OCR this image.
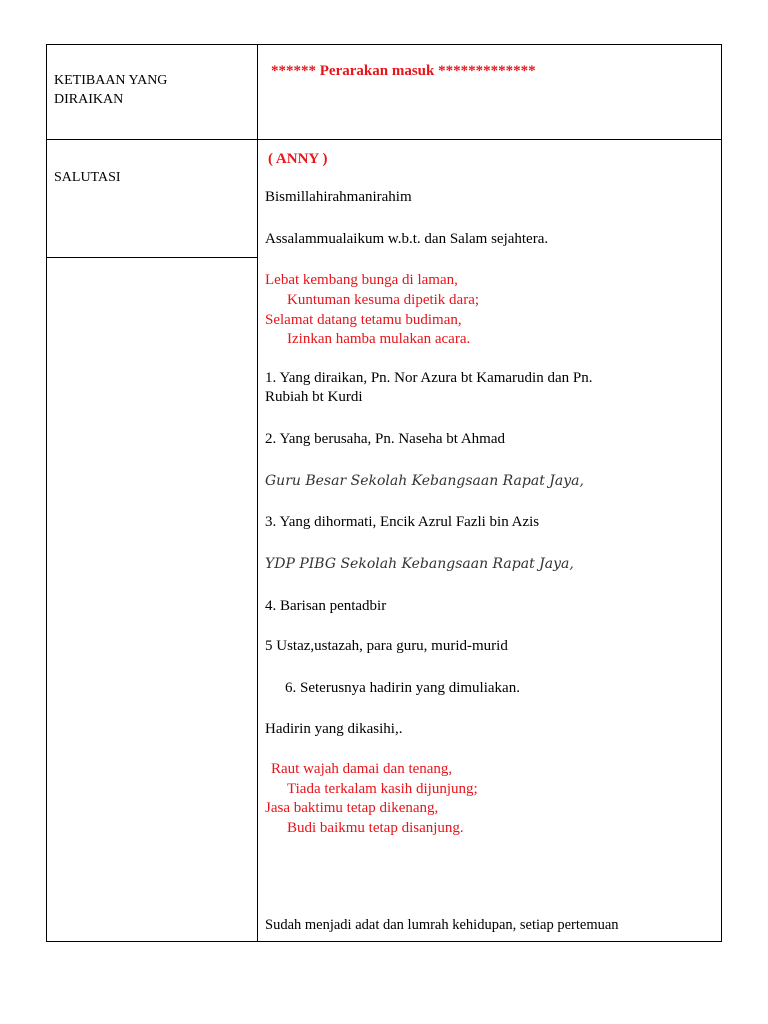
KETIBAAN YANG
DIRAIKAN
SALUTASI
****** Perarakan masuk *************
( ANNY )
Bismillahirahmanirahim
Assalammualaikum w.b.t. dan Salam sejahtera.
Lebat kembang bunga di laman,
Kuntuman kesuma dipetik dara;
Selamat datang tetamu budiman,
Izinkan hamba mulakan acara.
1. Yang diraikan, Pn. Nor Azura bt Kamarudin dan Pn.
Rubiah bt Kurdi
2. Yang berusaha, Pn. Naseha bt Ahmad
Guru Besar Sekolah Kebangsaan Rapat Jaya,
3. Yang dihormati, Encik Azrul Fazli bin Azis
YDP PIBG Sekolah Kebangsaan Rapat Jaya,
4. Barisan pentadbir
5 Ustaz,ustazah, para guru, murid-murid
6. Seterusnya hadirin yang dimuliakan.
Hadirin yang dikasihi,.
Raut wajah damai dan tenang,
Tiada terkalam kasih dijunjung;
Jasa baktimu tetap dikenang,
Budi baikmu tetap disanjung.
Sudah menjadi adat dan lumrah kehidupan, setiap pertemuan
